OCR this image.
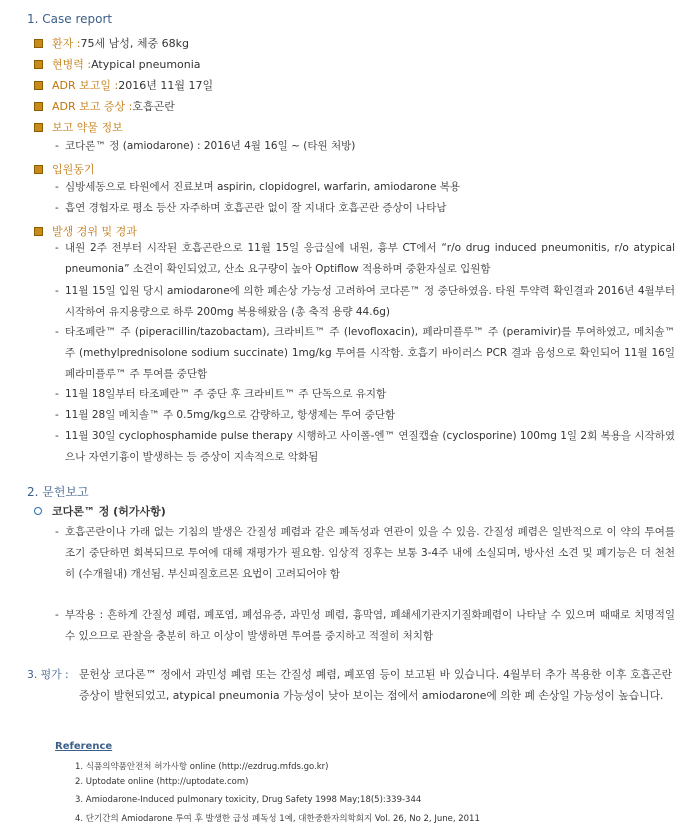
1. Case report
환자 : 75세 남성, 체중 68kg
현병력 : Atypical pneumonia
ADR 보고일 : 2016년 11월 17일
ADR 보고 증상 : 호흡곤란
보고 약물 정보
- 코다론™ 정 (amiodarone) : 2016년 4월 16일 ~ (타원 처방)
입원동기
- 심방세동으로 타원에서 진료보며 aspirin, clopidogrel, warfarin, amiodarone 복용
- 흡연 경험자로 평소 등산 자주하며 호흡곤란 없이 잘 지내다 호흡곤란 증상이 나타남
발생 경위 및 경과
- 내원 2주 전부터 시작된 호흡곤란으로 11월 15일 응급실에 내원, 흉부 CT에서 “r/o drug induced pneumonitis, r/o atypical pneumonia” 소견이 확인되었고, 산소 요구량이 높아 Optiflow 적용하며 중환자실로 입원함
- 11월 15일 입원 당시 amiodarone에 의한 폐손상 가능성 고려하여 코다론™ 정 중단하였음. 타원 투약력 확인결과 2016년 4월부터 시작하여 유지용량으로 하루 200mg 복용해왔음 (총 축적 용량 44.6g)
- 타조페란™ 주 (piperacillin/tazobactam), 크라비트™ 주 (levofloxacin), 페라미플루™ 주 (peramivir)를 투여하였고, 메치솔™ 주 (methylprednisolone sodium succinate) 1mg/kg 투여를 시작함. 호흡기 바이러스 PCR 결과 음성으로 확인되어 11월 16일 페라미플루™ 주 투여를 중단함
- 11월 18일부터 타조페란™ 주 중단 후 크라비트™ 주 단독으로 유지함
- 11월 28일 메치솔™ 주 0.5mg/kg으로 감량하고, 항생제는 투여 중단함
- 11월 30일 cyclophosphamide pulse therapy 시행하고 사이폴-엔™ 연질캡슐 (cyclosporine) 100mg 1일 2회 복용을 시작하였으나 자연기흉이 발생하는 등 증상이 지속적으로 악화됨
2. 문헌보고
코다론™ 정 (허가사항)
- 호흡곤란이나 가래 없는 기침의 발생은 간질성 폐렴과 같은 폐독성과 연관이 있을 수 있음. 간질성 폐렴은 일반적으로 이 약의 투여를 조기 중단하면 회복되므로 투여에 대해 재평가가 필요함. 임상적 징후는 보통 3-4주 내에 소실되며, 방사선 소견 및 폐기능은 더 천천히 (수개월내) 개선됨. 부신피질호르몬 요법이 고려되어야 함
- 부작용 : 흔하게 간질성 폐렴, 폐포염, 폐섬유증, 과민성 폐렴, 흉막염, 폐쇄세기관지기질화폐렴이 나타날 수 있으며 때때로 치명적일 수 있으므로 관찰을 충분히 하고 이상이 발생하면 투여를 중지하고 적절히 처치함
3. 평가 : 문헌상 코다론™ 정에서 과민성 폐렴 또는 간질성 폐렴, 폐포염 등이 보고된 바 있습니다. 4월부터 추가 복용한 이후 호흡곤란 증상이 발현되었고, atypical pneumonia 가능성이 낮아 보이는 점에서 amiodarone에 의한 폐 손상일 가능성이 높습니다.
Reference
1. 식품의약품안전처 허가사항 online (http://ezdrug.mfds.go.kr)
2. Uptodate online (http://uptodate.com)
3. Amiodarone-Induced pulmonary toxicity, Drug Safety 1998 May;18(5):339-344
4. 단기간의 Amiodarone 투여 후 발생한 급성 폐독성 1예, 대한중환자의학회지 Vol. 26, No 2, June, 2011
